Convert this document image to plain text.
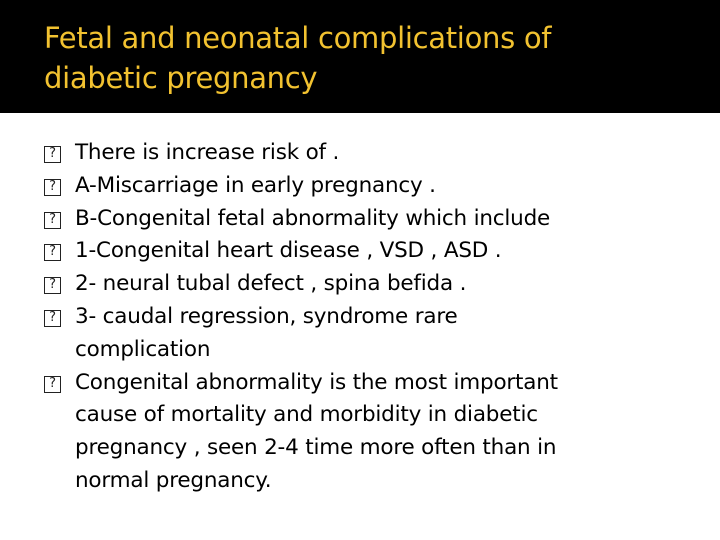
Fetal and neonatal complications of
diabetic pregnancy
?
There is increase risk of .
?
A-Miscarriage in early pregnancy .
?
B-Congenital fetal abnormality which include
?
1-Congenital heart disease , VSD , ASD .
?
2- neural tubal defect , spina befida .
?
3- caudal regression, syndrome rare
complication
?
Congenital abnormality is the most important
cause of mortality and morbidity in diabetic
pregnancy , seen 2-4 time more often than in
normal pregnancy.
